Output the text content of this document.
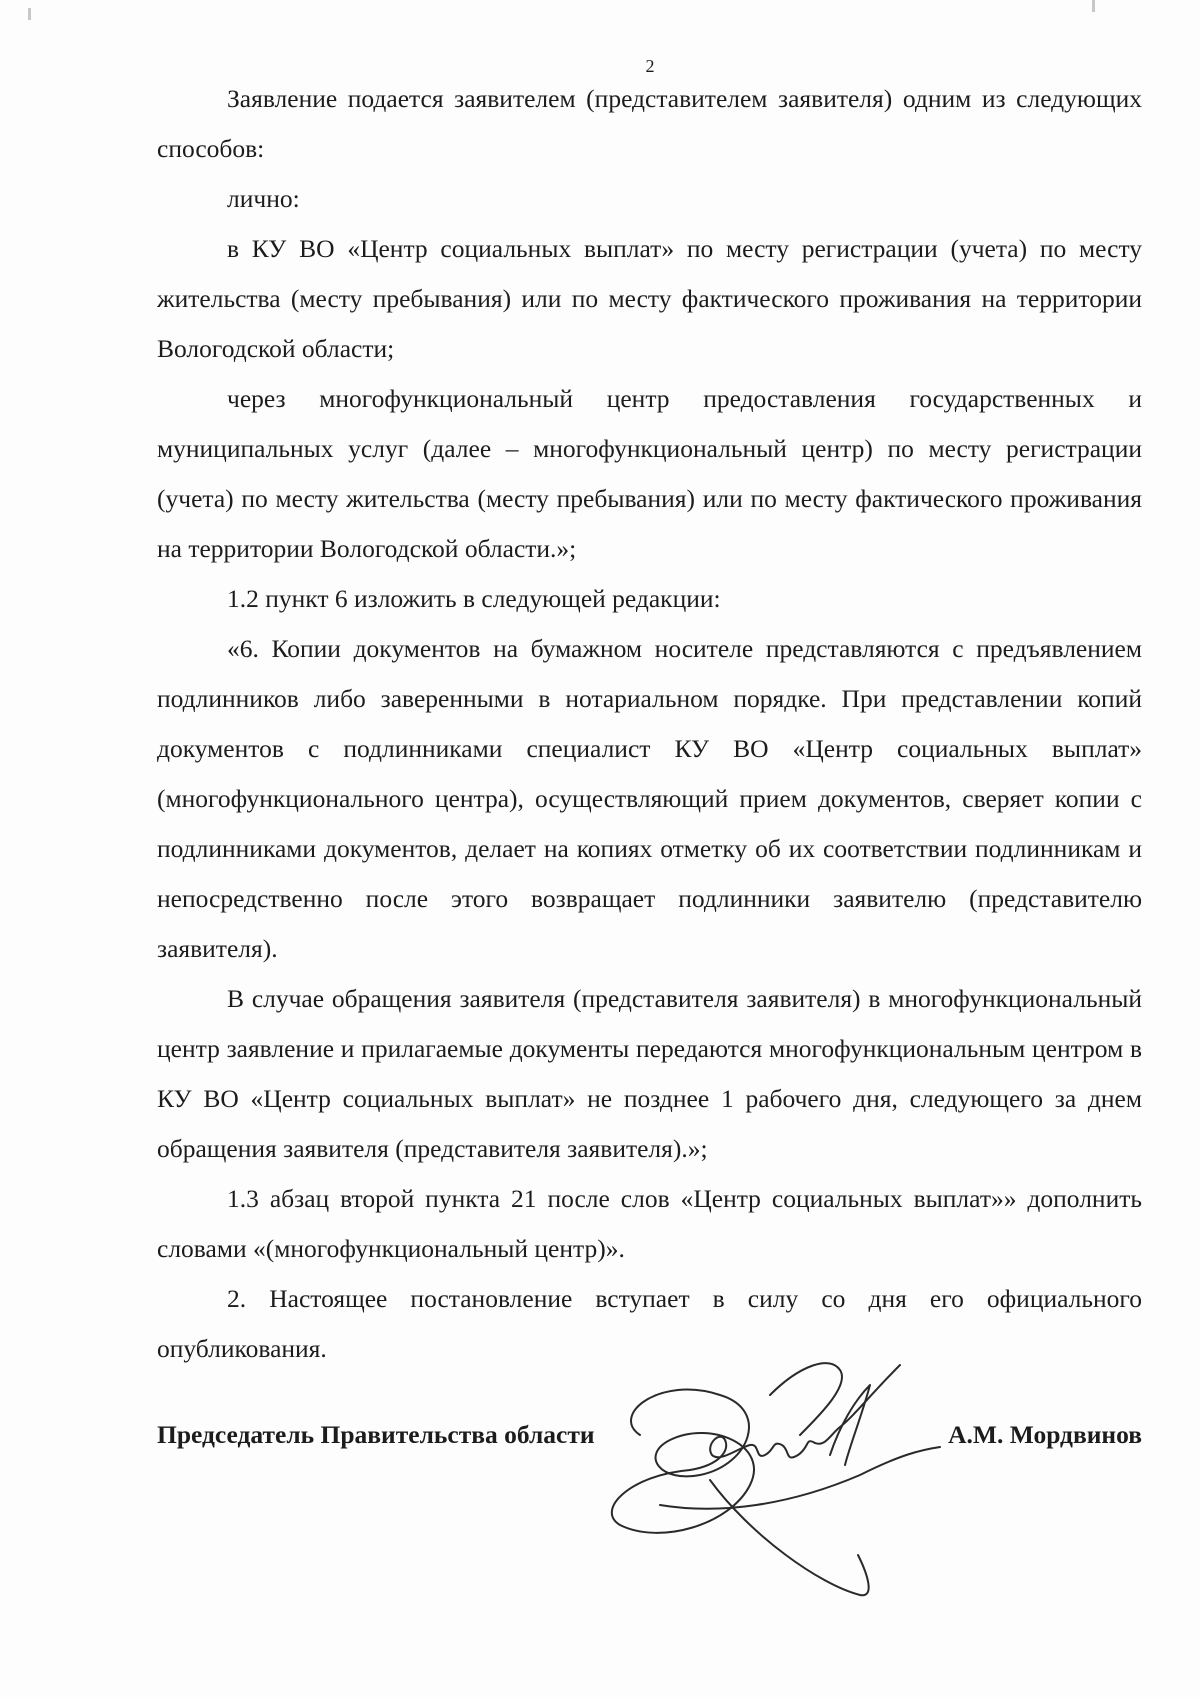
2

Заявление подается заявителем (представителем заявителя) одним из следующих способов:

лично:

в КУ ВО «Центр социальных выплат» по месту регистрации (учета) по месту жительства (месту пребывания) или по месту фактического проживания на территории Вологодской области;

через многофункциональный центр предоставления государственных и муниципальных услуг (далее – многофункциональный центр) по месту регистрации (учета) по месту жительства (месту пребывания) или по месту фактического проживания на территории Вологодской области.»;

1.2 пункт 6 изложить в следующей редакции:

«6. Копии документов на бумажном носителе представляются с предъявлением подлинников либо заверенными в нотариальном порядке. При представлении копий документов с подлинниками специалист КУ ВО «Центр социальных выплат» (многофункционального центра), осуществляющий прием документов, сверяет копии с подлинниками документов, делает на копиях отметку об их соответствии подлинникам и непосредственно после этого возвращает подлинники заявителю (представителю заявителя).

В случае обращения заявителя (представителя заявителя) в многофункциональный центр заявление и прилагаемые документы передаются многофункциональным центром в КУ ВО «Центр социальных выплат» не позднее 1 рабочего дня, следующего за днем обращения заявителя (представителя заявителя).»;

1.3 абзац второй пункта 21 после слов «Центр социальных выплат»» дополнить словами «(многофункциональный центр)».

2. Настоящее постановление вступает в силу со дня его официального опубликования.

Председатель Правительства области	А.М. Мордвинов
